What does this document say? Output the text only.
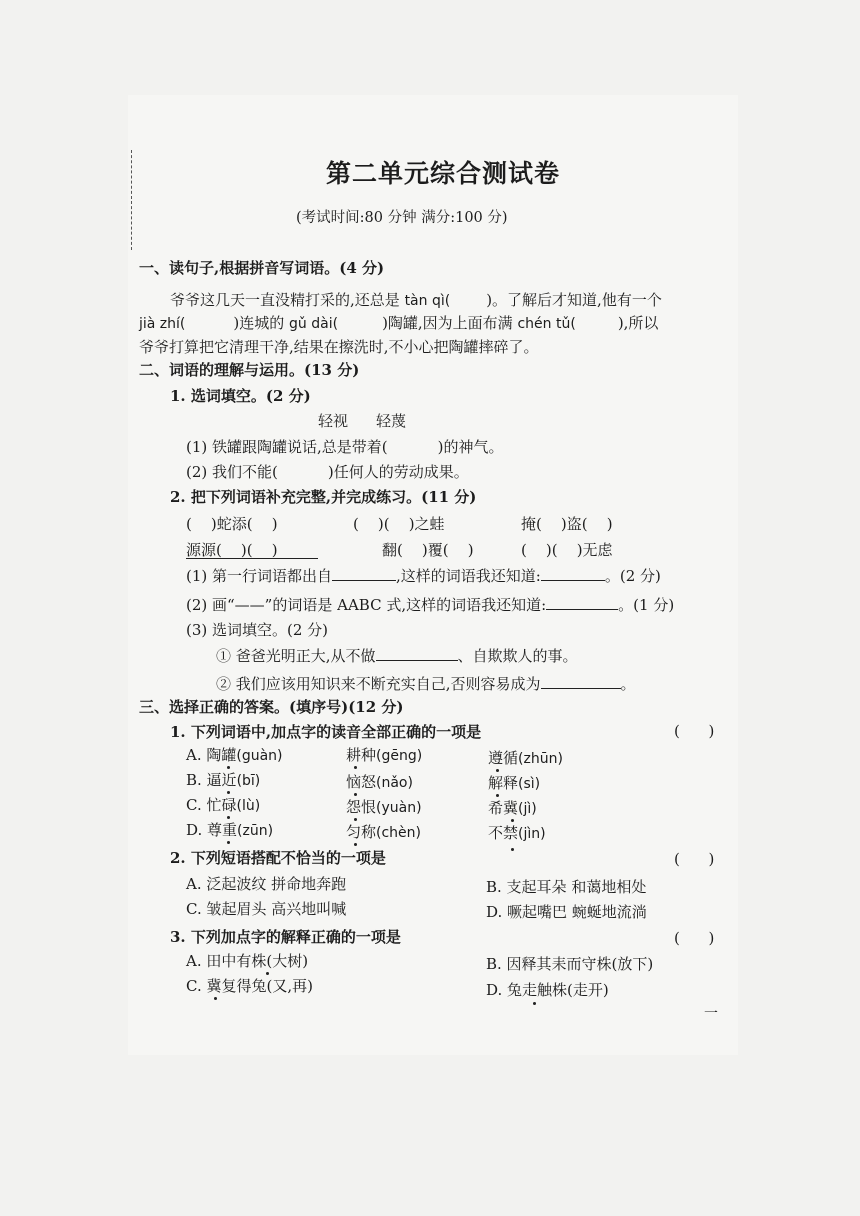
第二单元综合测试卷
(考试时间:80 分钟 满分:100 分)
一、读句子,根据拼音写词语。(4 分)
爷爷这几天一直没精打采的,还总是 tàn qì( )。了解后才知道,他有一个
jià zhí(	)连城的 gǔ dài(	)陶罐,因为上面布满 chén tǔ(	),所以
爷爷打算把它清理干净,结果在擦洗时,不小心把陶罐摔碎了。
二、词语的理解与运用。(13 分)
1. 选词填空。(2 分)
轻视 轻蔑
(1) 铁罐跟陶罐说话,总是带着(	)的神气。
(2) 我们不能(	)任何人的劳动成果。
2. 把下列词语补充完整,并完成练习。(11 分)
(    )蛇添(    )	(    )(    )之蛙	掩(    )盗(    )
源源(    )(    )	翻(    )覆(    )	(    )(    )无虑
(1) 第一行词语都出自	,这样的词语我还知道:	。(2 分)
(2) 画“——”的词语是 AABC 式,这样的词语我还知道:	。(1 分)
(3) 选词填空。(2 分)
① 爸爸光明正大,从不做	、自欺欺人的事。
② 我们应该用知识来不断充实自己,否则容易成为	。
三、选择正确的答案。(填序号)(12 分)
1. 下列词语中,加点字的读音全部正确的一项是	(      )
A. 陶罐(guàn)	耕种(gēng)	遵循(zhūn)
B. 逼近(bī)	恼怒(nǎo)	解释(sì)
C. 忙碌(lù)	怨恨(yuàn)	希冀(jì)
D. 尊重(zūn)	匀称(chèn)	不禁(jìn)
2. 下列短语搭配不恰当的一项是	(      )
A. 泛起波纹 拼命地奔跑	B. 支起耳朵 和蔼地相处
C. 皱起眉头 高兴地叫喊	D. 噘起嘴巴 蜿蜒地流淌
3. 下列加点字的解释正确的一项是	(      )
A. 田中有株(大树)	B. 因释其耒而守株(放下)
C. 冀复得兔(又,再)	D. 兔走触株(走开)
一
